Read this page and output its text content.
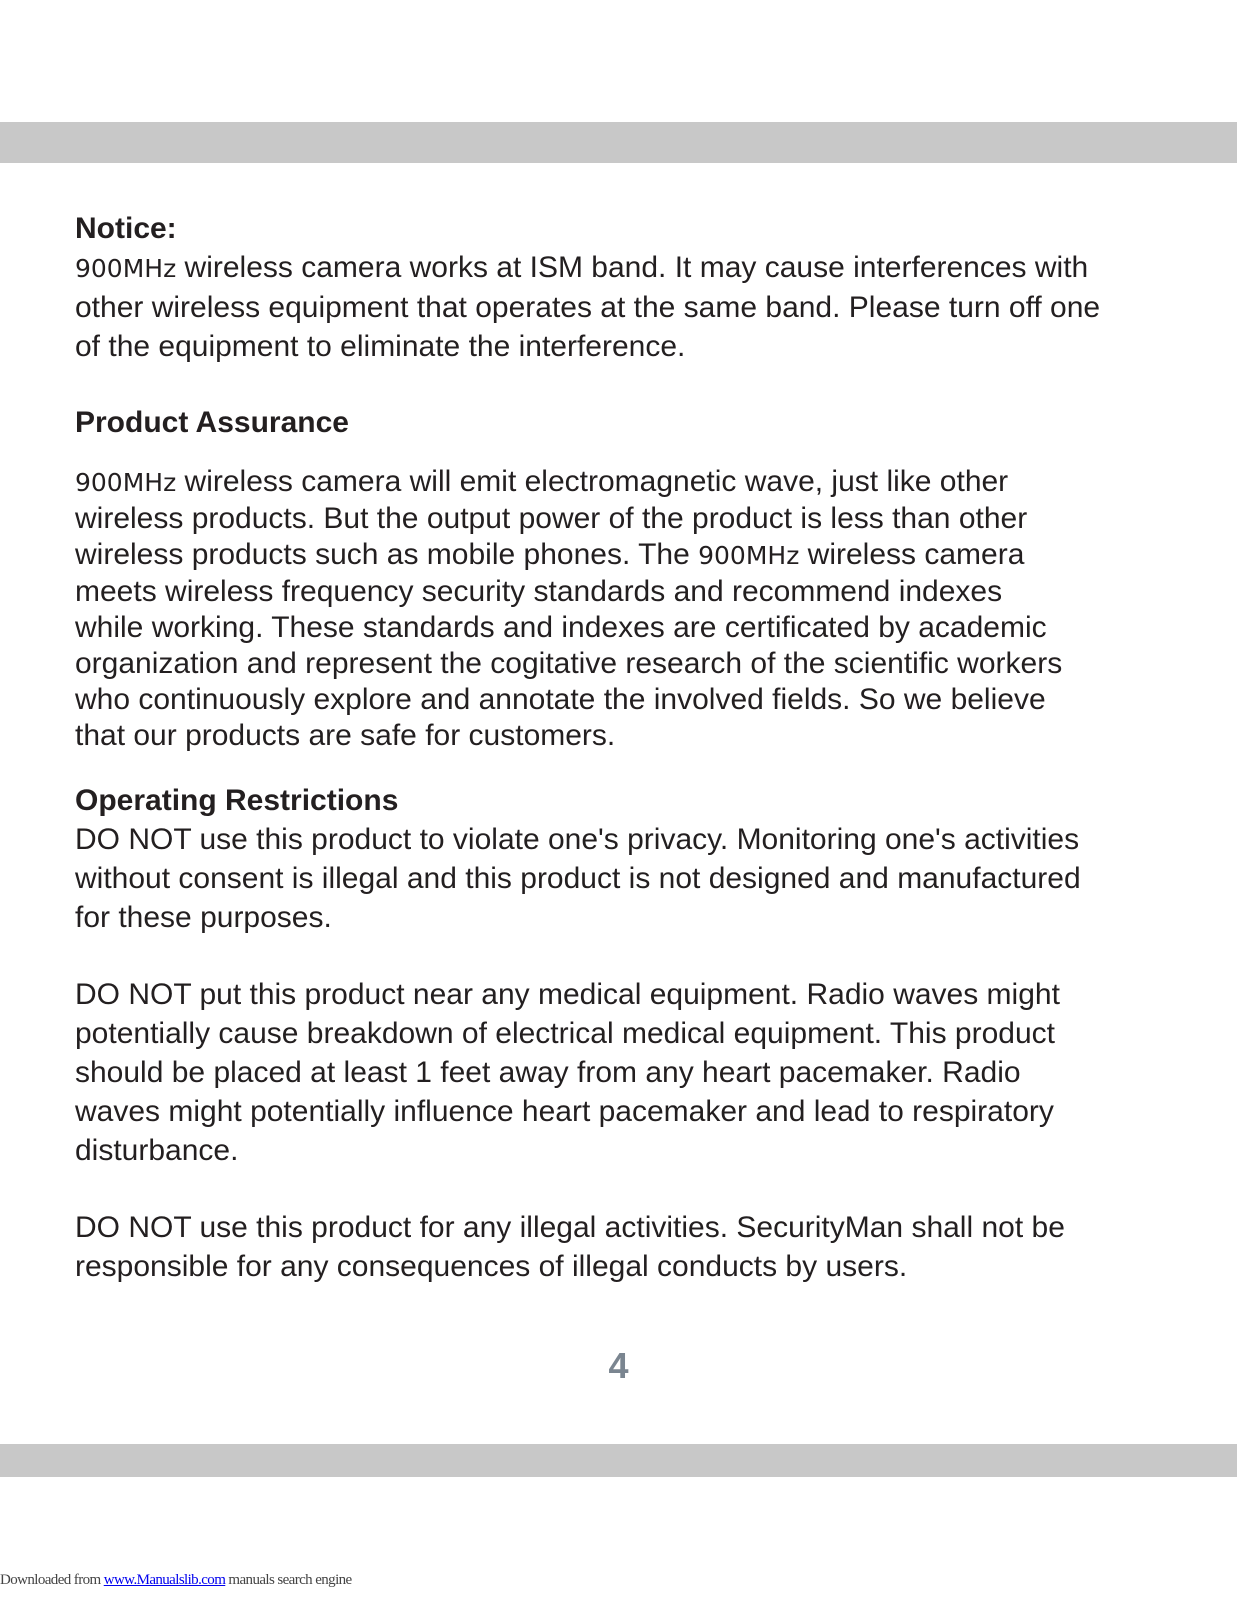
Notice:

900MHz wireless camera works at ISM band. It may cause interferences with
other wireless equipment that operates at the same band. Please turn off one
of the equipment to eliminate the interference.

Product Assurance

900MHz wireless camera will emit electromagnetic wave, just like other
wireless products. But the output power of the product is less than other
wireless products such as mobile phones. The 900MHz wireless camera
meets wireless frequency security standards and recommend indexes
while working. These standards and indexes are certificated by academic
organization and represent the cogitative research of the scientific workers
who continuously explore and annotate the involved fields. So we believe
that our products are safe for customers.

Operating Restrictions

DO NOT use this product to violate one's privacy. Monitoring one's activities
without consent is illegal and this product is not designed and manufactured
for these purposes.

DO NOT put this product near any medical equipment. Radio waves might
potentially cause breakdown of electrical medical equipment. This product
should be placed at least 1 feet away from any heart pacemaker. Radio
waves might potentially influence heart pacemaker and lead to respiratory
disturbance.

DO NOT use this product for any illegal activities. SecurityMan shall not be
responsible for any consequences of illegal conducts by users.

4
Downloaded from www.Manualslib.com manuals search engine
